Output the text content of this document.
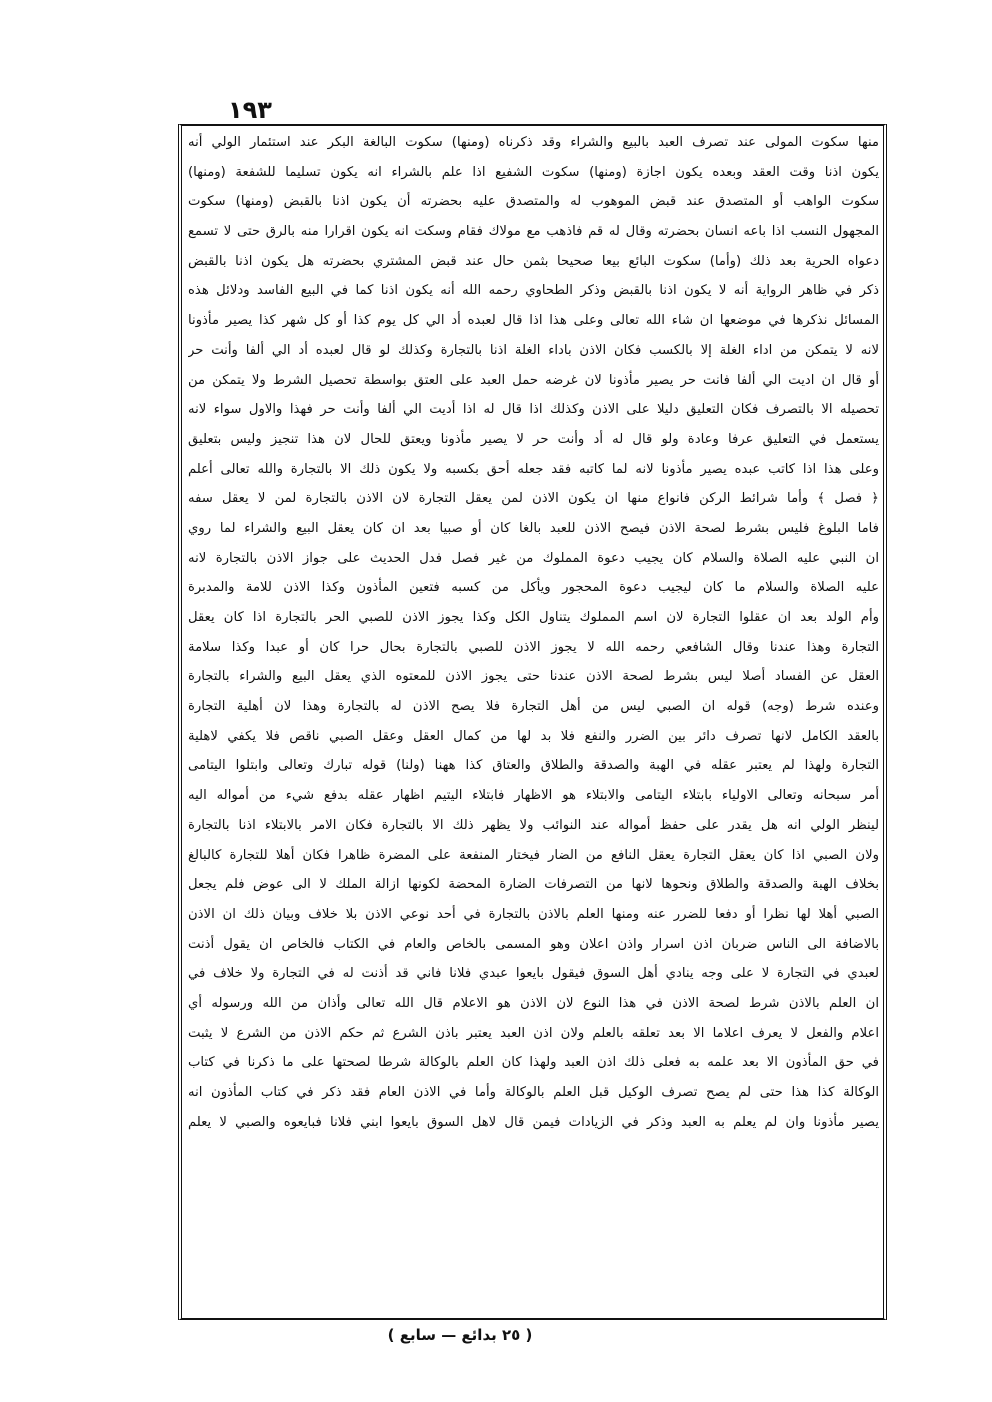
١٩٣
منها سكوت المولى عند تصرف العبد بالبيع والشراء وقد ذكرناه (ومنها) سكوت البالغة البكر عند استئمار الولي أنه
يكون اذنا وقت العقد وبعده يكون اجازة (ومنها) سكوت الشفيع اذا علم بالشراء انه يكون تسليما للشفعة (ومنها)
سكوت الواهب أو المتصدق عند قبض الموهوب له والمتصدق عليه بحضرته أن يكون اذنا بالقبض (ومنها) سكوت
المجهول النسب اذا باعه انسان بحضرته وقال له قم فاذهب مع مولاك فقام وسكت انه يكون اقرارا منه بالرق حتى لا تسمع
دعواه الحرية بعد ذلك (وأما) سكوت البائع بيعا صحيحا بثمن حال عند قبض المشتري بحضرته هل يكون اذنا بالقبض
ذكر في ظاهر الرواية أنه لا يكون اذنا بالقبض وذكر الطحاوي رحمه الله أنه يكون اذنا كما في البيع الفاسد ودلائل هذه
المسائل نذكرها في موضعها ان شاء الله تعالى وعلى هذا اذا قال لعبده أد الي كل يوم كذا أو كل شهر كذا يصير مأذونا
لانه لا يتمكن من اداء الغلة إلا بالكسب فكان الاذن باداء الغلة اذنا بالتجارة وكذلك لو قال لعبده أد الي ألفا وأنت حر
أو قال ان اديت الي ألفا فانت حر يصير مأذونا لان غرضه حمل العبد على العتق بواسطة تحصيل الشرط ولا يتمكن من
تحصيله الا بالتصرف فكان التعليق دليلا على الاذن وكذلك اذا قال له اذا أديت الي ألفا وأنت حر فهذا والاول سواء لانه
يستعمل في التعليق عرفا وعادة ولو قال له أد وأنت حر لا يصير مأذونا ويعتق للحال لان هذا تنجيز وليس بتعليق
وعلى هذا اذا كاتب عبده يصير مأذونا لانه لما كاتبه فقد جعله أحق بكسبه ولا يكون ذلك الا بالتجارة والله تعالى أعلم
﴿ فصل ﴾ وأما شرائط الركن فانواع منها ان يكون الاذن لمن يعقل التجارة لان الاذن بالتجارة لمن لا يعقل سفه
فاما البلوغ فليس بشرط لصحة الاذن فيصح الاذن للعبد بالغا كان أو صبيا بعد ان كان يعقل البيع والشراء لما روي
ان النبي عليه الصلاة والسلام كان يجيب دعوة المملوك من غير فصل فدل الحديث على جواز الاذن بالتجارة لانه
عليه الصلاة والسلام ما كان ليجيب دعوة المحجور ويأكل من كسبه فتعين المأذون وكذا الاذن للامة والمدبرة
وأم الولد بعد ان عقلوا التجارة لان اسم المملوك يتناول الكل وكذا يجوز الاذن للصبي الحر بالتجارة اذا كان يعقل
التجارة وهذا عندنا وقال الشافعي رحمه الله لا يجوز الاذن للصبي بالتجارة بحال حرا كان أو عبدا وكذا سلامة
العقل عن الفساد أصلا ليس بشرط لصحة الاذن عندنا حتى يجوز الاذن للمعتوه الذي يعقل البيع والشراء بالتجارة
وعنده شرط (وجه) قوله ان الصبي ليس من أهل التجارة فلا يصح الاذن له بالتجارة وهذا لان أهلية التجارة
بالعقد الكامل لانها تصرف دائر بين الضرر والنفع فلا بد لها من كمال العقل وعقل الصبي ناقص فلا يكفي لاهلية
التجارة ولهذا لم يعتبر عقله في الهبة والصدقة والطلاق والعتاق كذا ههنا (ولنا) قوله تبارك وتعالى وابتلوا اليتامى
أمر سبحانه وتعالى الاولياء بابتلاء اليتامى والابتلاء هو الاظهار فابتلاء اليتيم اظهار عقله بدفع شيء من أمواله اليه
لينظر الولي انه هل يقدر على حفظ أمواله عند النوائب ولا يظهر ذلك الا بالتجارة فكان الامر بالابتلاء اذنا بالتجارة
ولان الصبي اذا كان يعقل التجارة يعقل النافع من الضار فيختار المنفعة على المضرة ظاهرا فكان أهلا للتجارة كالبالغ
بخلاف الهبة والصدقة والطلاق ونحوها لانها من التصرفات الضارة المحضة لكونها ازالة الملك لا الى عوض فلم يجعل
الصبي أهلا لها نظرا أو دفعا للضرر عنه ومنها العلم بالاذن بالتجارة في أحد نوعي الاذن بلا خلاف وبيان ذلك ان الاذن
بالاضافة الى الناس ضربان اذن اسرار واذن اعلان وهو المسمى بالخاص والعام في الكتاب فالخاص ان يقول أذنت
لعبدي في التجارة لا على وجه ينادي أهل السوق فيقول بايعوا عبدي فلانا فاني قد أذنت له في التجارة ولا خلاف في
ان العلم بالاذن شرط لصحة الاذن في هذا النوع لان الاذن هو الاعلام قال الله تعالى وأذان من الله ورسوله أي
اعلام والفعل لا يعرف اعلاما الا بعد تعلقه بالعلم ولان اذن العبد يعتبر باذن الشرع ثم حكم الاذن من الشرع لا يثبت
في حق المأذون الا بعد علمه به فعلى ذلك اذن العبد ولهذا كان العلم بالوكالة شرطا لصحتها على ما ذكرنا في كتاب
الوكالة كذا هذا حتى لم يصح تصرف الوكيل قبل العلم بالوكالة وأما في الاذن العام فقد ذكر في كتاب المأذون انه
يصير مأذونا وان لم يعلم به العبد وذكر في الزيادات فيمن قال لاهل السوق بايعوا ابني فلانا فبايعوه والصبي لا يعلم
( ٢٥ بدائع — سابع )
